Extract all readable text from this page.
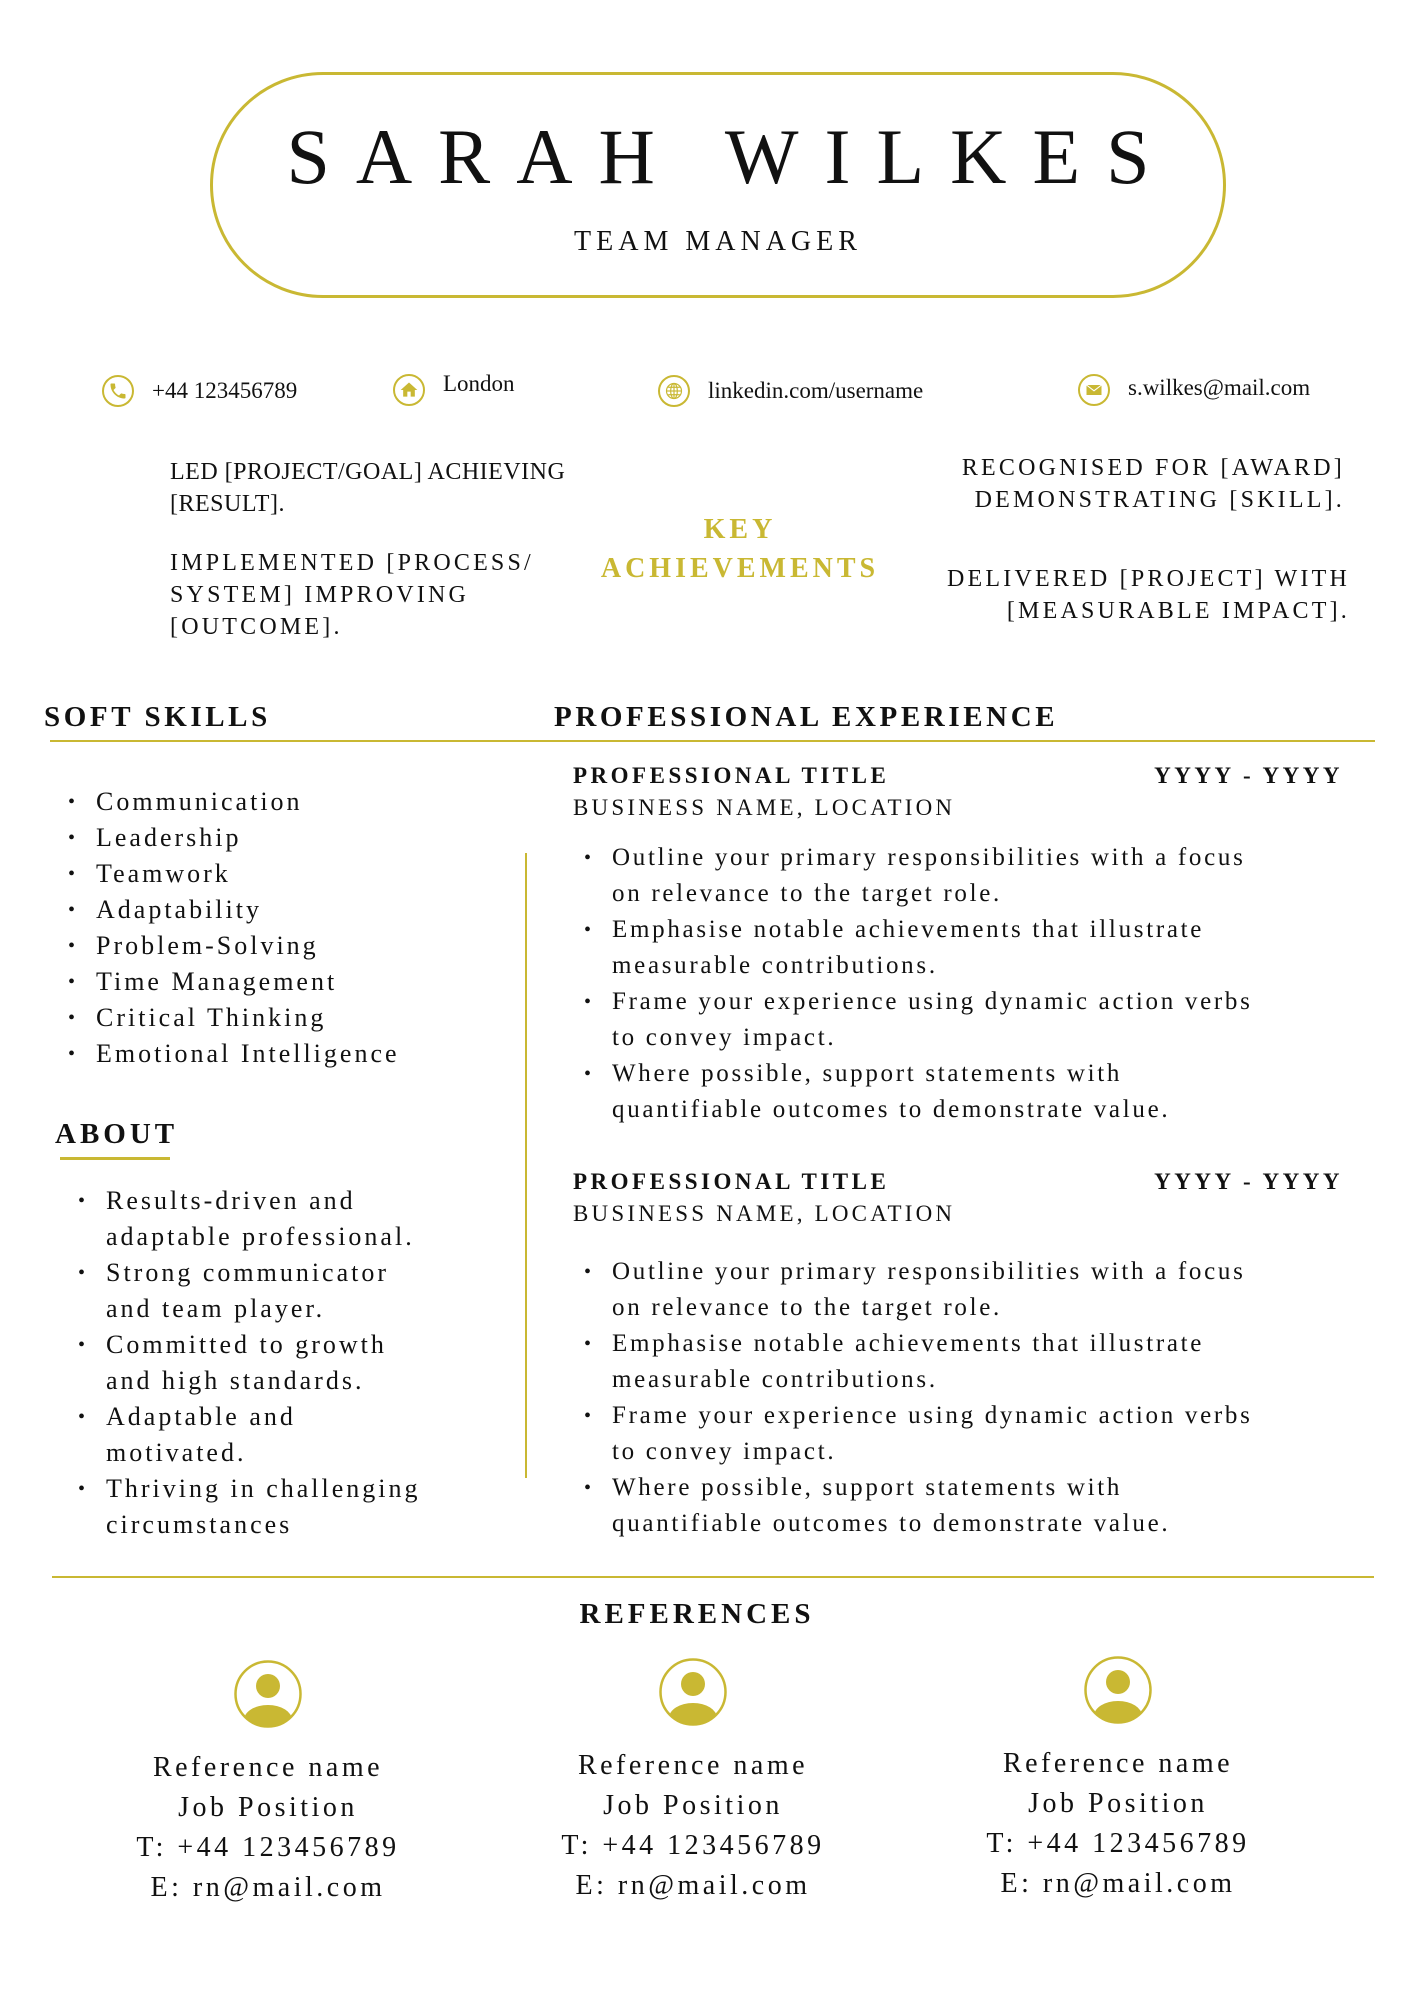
SARAH WILKES
TEAM MANAGER
+44 123456789	London	linkedin.com/username	s.wilkes@mail.com
LED [PROJECT/GOAL] ACHIEVING
[RESULT].
IMPLEMENTED [PROCESS/
SYSTEM] IMPROVING
[OUTCOME].
KEY
ACHIEVEMENTS
RECOGNISED FOR [AWARD]
DEMONSTRATING [SKILL].
DELIVERED [PROJECT] WITH
[MEASURABLE IMPACT].
SOFT SKILLS	PROFESSIONAL EXPERIENCE
• Communication
• Leadership
• Teamwork
• Adaptability
• Problem-Solving
• Time Management
• Critical Thinking
• Emotional Intelligence
ABOUT
• Results-driven and
adaptable professional.
• Strong communicator
and team player.
• Committed to growth
and high standards.
• Adaptable and
motivated.
• Thriving in challenging
circumstances
PROFESSIONAL TITLE	YYYY - YYYY
BUSINESS NAME, LOCATION
• Outline your primary responsibilities with a focus
on relevance to the target role.
• Emphasise notable achievements that illustrate
measurable contributions.
• Frame your experience using dynamic action verbs
to convey impact.
• Where possible, support statements with
quantifiable outcomes to demonstrate value.
PROFESSIONAL TITLE	YYYY - YYYY
BUSINESS NAME, LOCATION
• Outline your primary responsibilities with a focus
on relevance to the target role.
• Emphasise notable achievements that illustrate
measurable contributions.
• Frame your experience using dynamic action verbs
to convey impact.
• Where possible, support statements with
quantifiable outcomes to demonstrate value.
REFERENCES
Reference name
Job Position
T: +44 123456789
E: rn@mail.com
Reference name
Job Position
T: +44 123456789
E: rn@mail.com
Reference name
Job Position
T: +44 123456789
E: rn@mail.com
